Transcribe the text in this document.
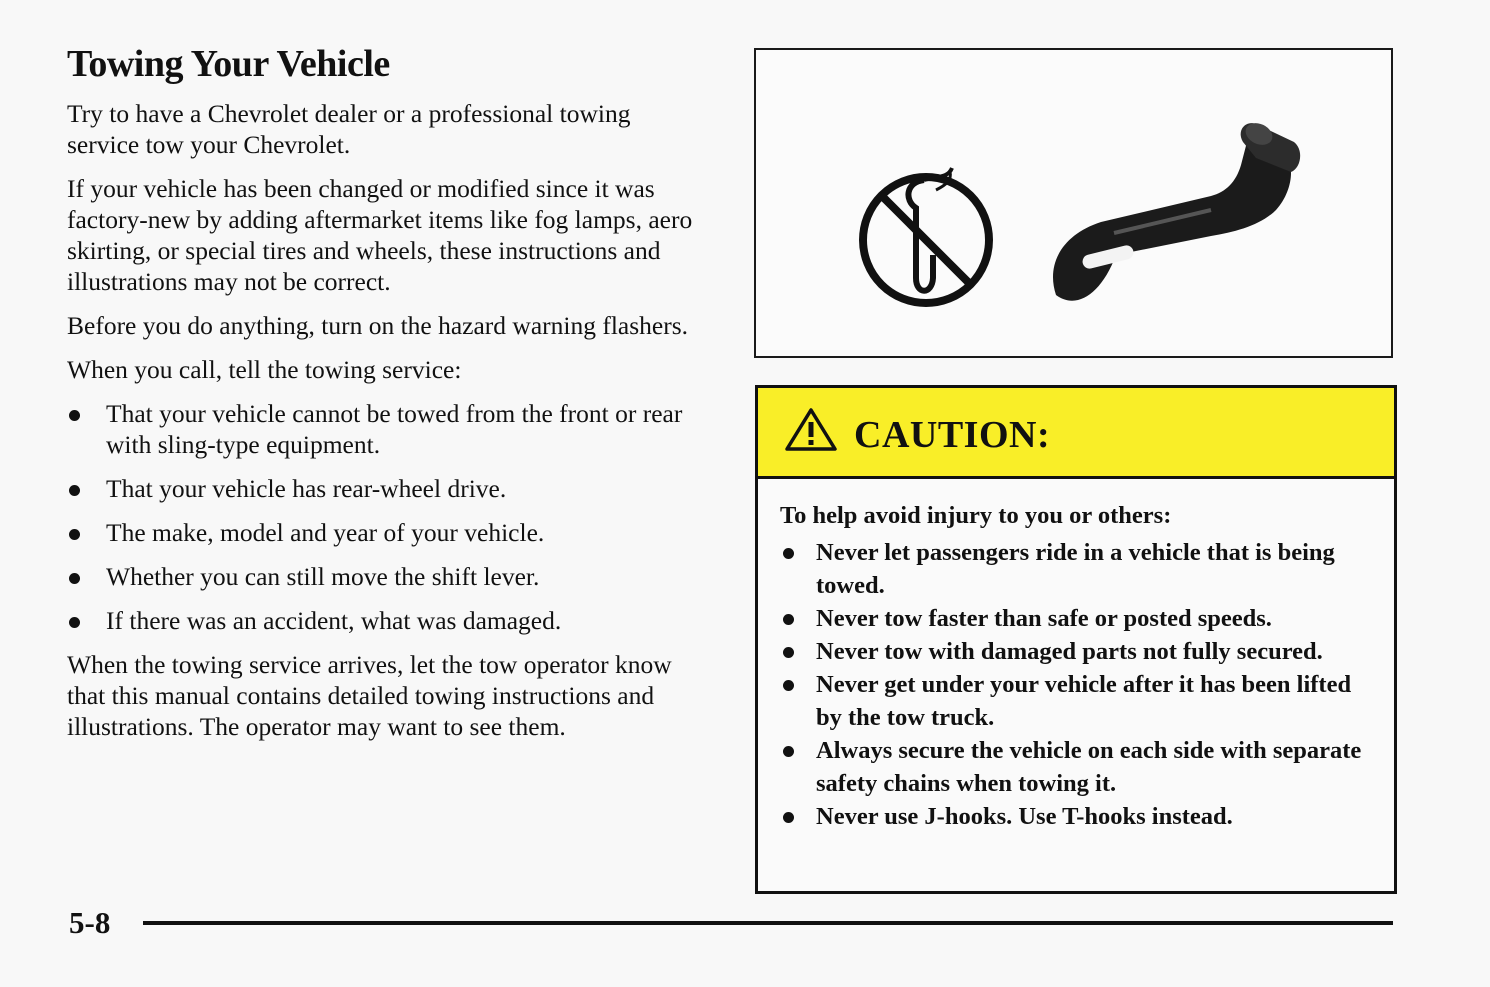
Towing Your Vehicle

Try to have a Chevrolet dealer or a professional towing service tow your Chevrolet.

If your vehicle has been changed or modified since it was factory-new by adding aftermarket items like fog lamps, aero skirting, or special tires and wheels, these instructions and illustrations may not be correct.

Before you do anything, turn on the hazard warning flashers.

When you call, tell the towing service:

That your vehicle cannot be towed from the front or rear with sling-type equipment.
That your vehicle has rear-wheel drive.
The make, model and year of your vehicle.
Whether you can still move the shift lever.
If there was an accident, what was damaged.

When the towing service arrives, let the tow operator know that this manual contains detailed towing instructions and illustrations. The operator may want to see them.

CAUTION:

To help avoid injury to you or others:

Never let passengers ride in a vehicle that is being towed.
Never tow faster than safe or posted speeds.
Never tow with damaged parts not fully secured.
Never get under your vehicle after it has been lifted by the tow truck.
Always secure the vehicle on each side with separate safety chains when towing it.
Never use J-hooks. Use T-hooks instead.
5-8
